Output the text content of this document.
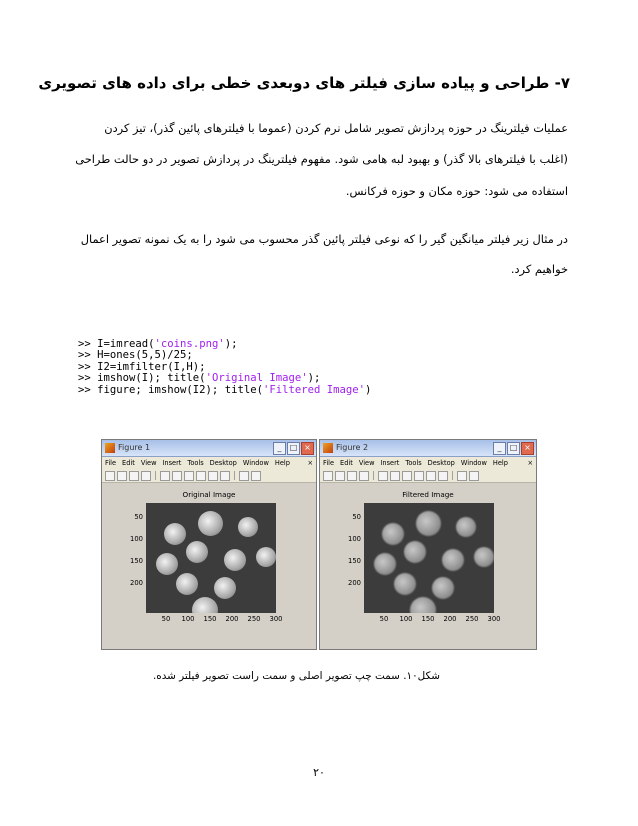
۷- طراحی و پیاده سازی فیلتر های دوبعدی خطی برای داده های تصویری
عملیات فیلترینگ در حوزه پردازش تصویر شامل نرم کردن (عموما با فیلترهای پائین گذر)، تیز کردن
(اغلب با فیلترهای بالا گذر) و بهبود لبه هامی شود. مفهوم فیلترینگ در پردازش تصویر در دو حالت طراحی
استفاده می شود: حوزه مکان و حوزه فرکانس.
در مثال زیر فیلتر میانگین گیر را که نوعی فیلتر پائین گذر محسوب می شود را به یک نمونه تصویر اعمال
خواهیم کرد.
>> I=imread('coins.png');
>> H=ones(5,5)/25;
>> I2=imfilter(I,H);
>> imshow(I); title('Original Image');
>> figure; imshow(I2); title('Filtered Image')
Figure 1	_	□ ×
File Edit View Insert Tools Desktop Window Help	×
Original Image
50
100
150
200
50	100	150	200	250	300
Figure 2	_	□ ×
File Edit View Insert Tools Desktop Window Help	×
Filtered Image
50
100
150
200
50	100	150	200	250	300
شکل۱۰. سمت چپ تصویر اصلی و سمت راست تصویر فیلتر شده.
۲۰
